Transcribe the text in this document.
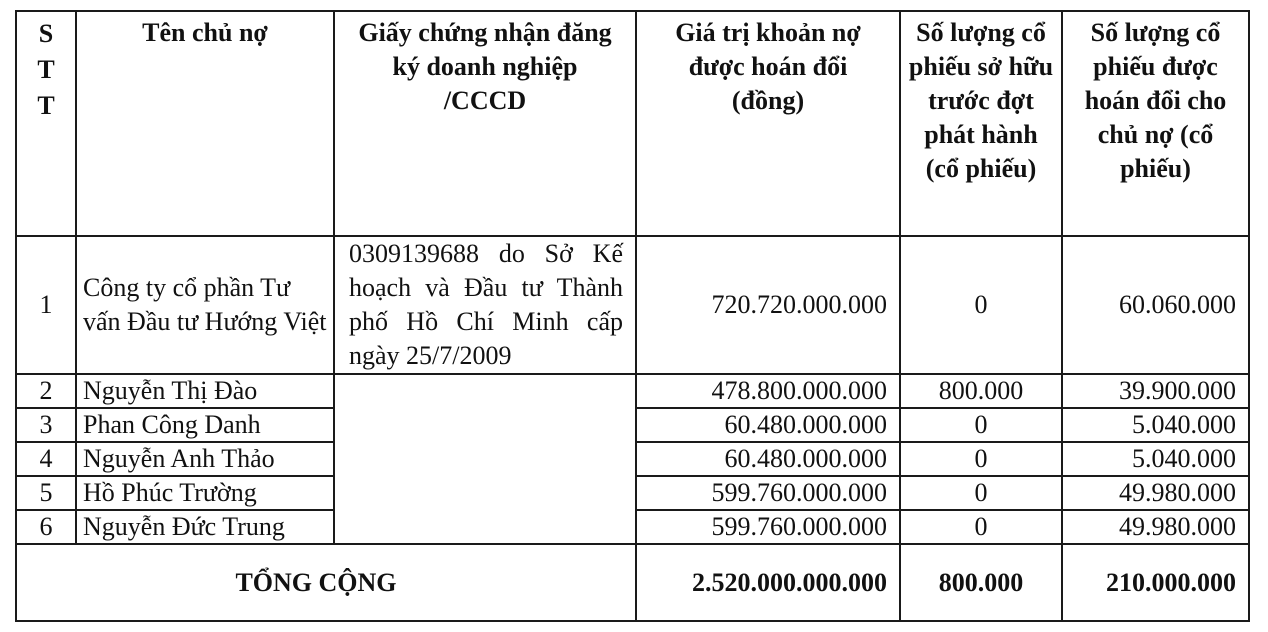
S
T
T	Tên chủ nợ	Giấy chứng nhận đăng ký doanh nghiệp /CCCD	Giá trị khoản nợ được hoán đổi (đồng)	Số lượng cổ phiếu sở hữu trước đợt phát hành (cổ phiếu)	Số lượng cổ phiếu được hoán đổi cho chủ nợ (cổ phiếu)
1	Công ty cổ phần Tư vấn Đầu tư Hướng Việt	0309139688 do Sở Kế hoạch và Đầu tư Thành phố Hồ Chí Minh cấp ngày 25/7/2009	720.720.000.000	0	60.060.000
2	Nguyễn Thị Đào		478.800.000.000	800.000	39.900.000
3	Phan Công Danh		60.480.000.000	0	5.040.000
4	Nguyễn Anh Thảo		60.480.000.000	0	5.040.000
5	Hồ Phúc Trường		599.760.000.000	0	49.980.000
6	Nguyễn Đức Trung		599.760.000.000	0	49.980.000
TỔNG CỘNG			2.520.000.000.000	800.000	210.000.000
